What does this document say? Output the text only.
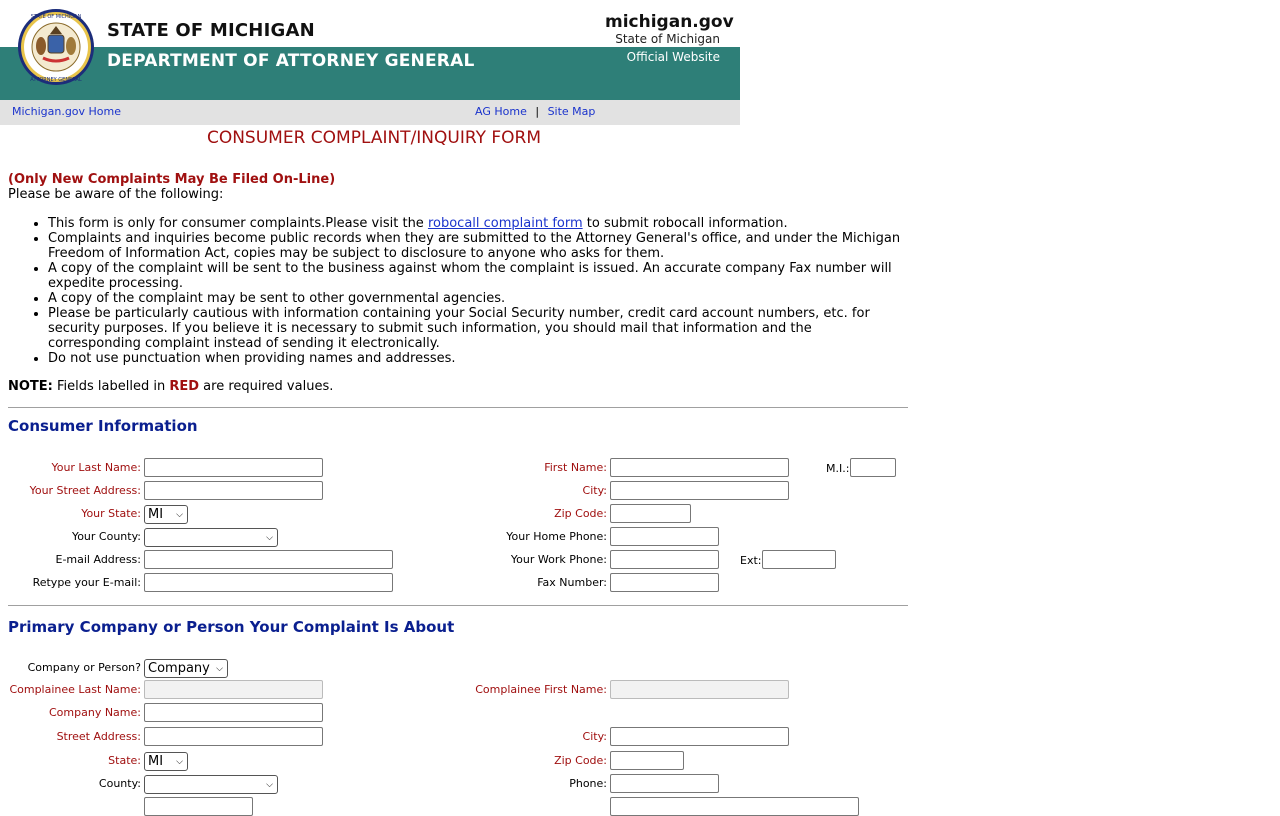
STATE OF MICHIGAN
ATTORNEY GENERAL
STATE OF MICHIGAN
DEPARTMENT OF ATTORNEY GENERAL
michigan.gov
State of Michigan
Official Website
Michigan.gov Home	AG Home | Site Map
CONSUMER COMPLAINT/INQUIRY FORM
(Only New Complaints May Be Filed On-Line)
Please be aware of the following:
• This form is only for consumer complaints.Please visit the robocall complaint form to submit robocall information.
• Complaints and inquiries become public records when they are submitted to the Attorney General's office, and under the Michigan Freedom of Information Act, copies may be subject to disclosure to anyone who asks for them.
• A copy of the complaint will be sent to the business against whom the complaint is issued. An accurate company Fax number will expedite processing.
• A copy of the complaint may be sent to other governmental agencies.
• Please be particularly cautious with information containing your Social Security number, credit card account numbers, etc. for security purposes. If you believe it is necessary to submit such information, you should mail that information and the corresponding complaint instead of sending it electronically.
• Do not use punctuation when providing names and addresses.
NOTE: Fields labelled in RED are required values.
Consumer Information
Your Last Name:	First Name:	M.I.:
Your Street Address:	City:
Your State: MI ⌵	Zip Code:
Your County:	⌵	Your Home Phone:
E-mail Address:	Your Work Phone:	Ext:
Retype your E-mail:	Fax Number:
Primary Company or Person Your Complaint Is About
Company or Person? Company ⌵
Complainee Last Name:	Complainee First Name:
Company Name:
Street Address:	City:
State: MI ⌵	Zip Code:
County:	⌵	Phone:
